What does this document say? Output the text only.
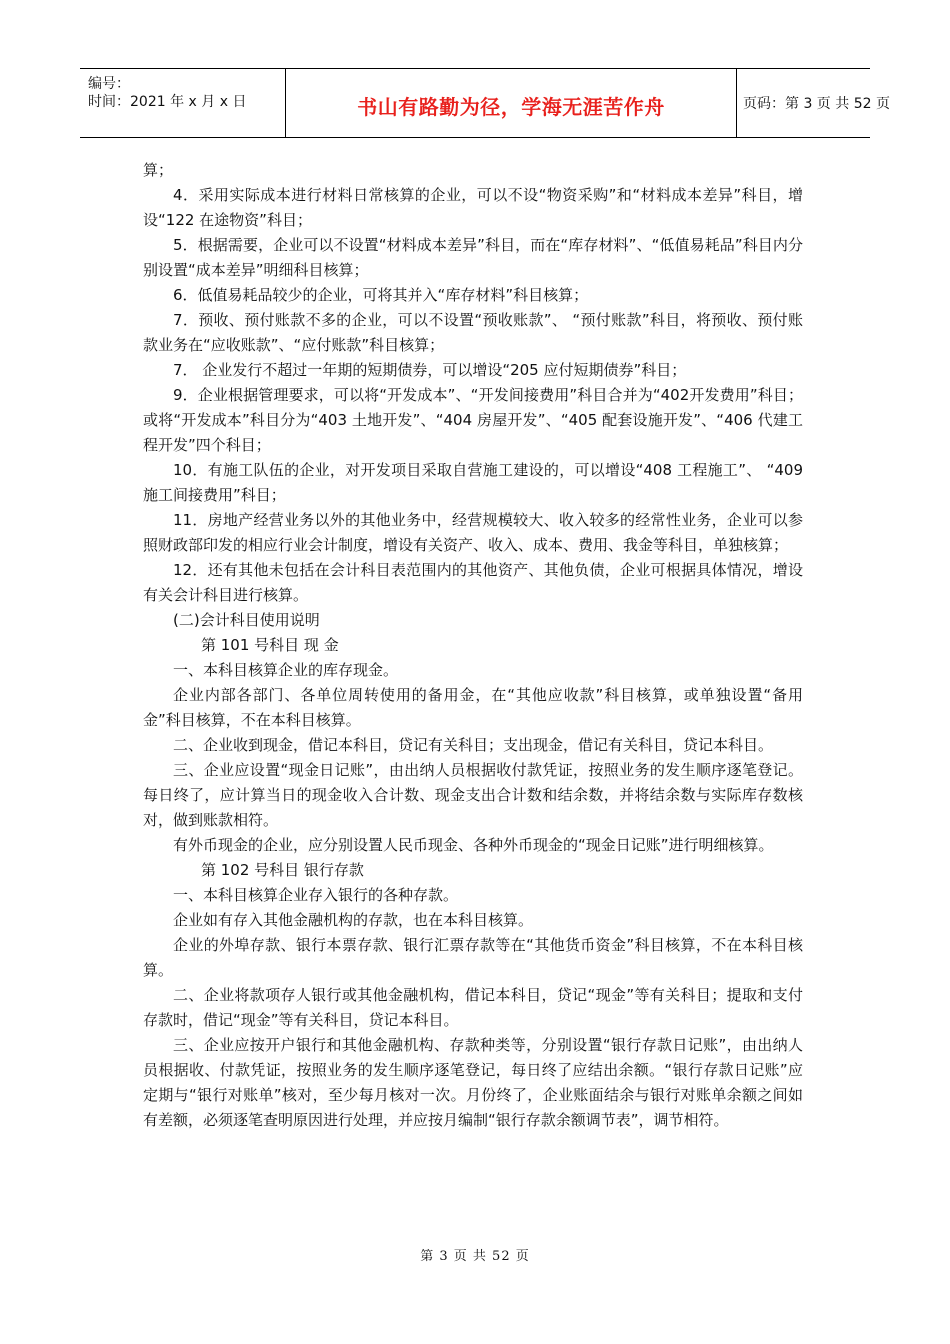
编号：
时间：2021 年 x 月 x 日	书山有路勤为径，学海无涯苦作舟	页码：第 3 页 共 52 页

算；

4．采用实际成本进行材料日常核算的企业，可以不设“物资采购”和“材料成本差异”科目，增设“122 在途物资”科目；

5．根据需要，企业可以不设置“材料成本差异”科目，而在“库存材料”、“低值易耗品”科目内分别设置“成本差异”明细科目核算；

6．低值易耗品较少的企业，可将其并入“库存材料”科目核算；

7．预收、预付账款不多的企业，可以不设置“预收账款”、 “预付账款”科目，将预收、预付账款业务在“应收账款”、“应付账款”科目核算；

7． 企业发行不超过一年期的短期债券，可以增设“205 应付短期债券”科目；

9．企业根据管理要求，可以将“开发成本”、“开发间接费用”科目合并为“402开发费用”科目；或将“开发成本”科目分为“403 土地开发”、“404 房屋开发”、“405 配套设施开发”、“406 代建工程开发”四个科目；

10．有施工队伍的企业，对开发项目采取自营施工建设的，可以增设“408 工程施工”、 “409 施工间接费用”科目；

11．房地产经营业务以外的其他业务中，经营规模较大、收入较多的经常性业务，企业可以参照财政部印发的相应行业会计制度，增设有关资产、收入、成本、费用、我金等科目，单独核算；

12．还有其他未包括在会计科目表范围内的其他资产、其他负债，企业可根据具体情况，增设有关会计科目进行核算。

(二)会计科目使用说明

第 101 号科目 现 金

一、本科目核算企业的库存现金。

企业内部各部门、各单位周转使用的备用金，在“其他应收款”科目核算，或单独设置“备用金”科目核算，不在本科目核算。

二、企业收到现金，借记本科目，贷记有关科目；支出现金，借记有关科目，贷记本科目。

三、企业应设置“现金日记账”，由出纳人员根据收付款凭证，按照业务的发生顺序逐笔登记。每日终了，应计算当日的现金收入合计数、现金支出合计数和结余数，并将结余数与实际库存数核对，做到账款相符。

有外币现金的企业，应分别设置人民币现金、各种外币现金的“现金日记账”进行明细核算。

第 102 号科目 银行存款

一、本科目核算企业存入银行的各种存款。

企业如有存入其他金融机构的存款，也在本科目核算。

企业的外埠存款、银行本票存款、银行汇票存款等在“其他货币资金”科目核算，不在本科目核算。

二、企业将款项存人银行或其他金融机构，借记本科目，贷记“现金”等有关科目；提取和支付存款时，借记“现金”等有关科目，贷记本科目。

三、企业应按开户银行和其他金融机构、存款种类等，分别设置“银行存款日记账”，由出纳人员根据收、付款凭证，按照业务的发生顺序逐笔登记，每日终了应结出余额。“银行存款日记账”应定期与“银行对账单”核对，至少每月核对一次。月份终了，企业账面结余与银行对账单余额之间如有差额，必须逐笔查明原因进行处理，并应按月编制“银行存款余额调节表”，调节相符。

第 3 页 共 52 页
